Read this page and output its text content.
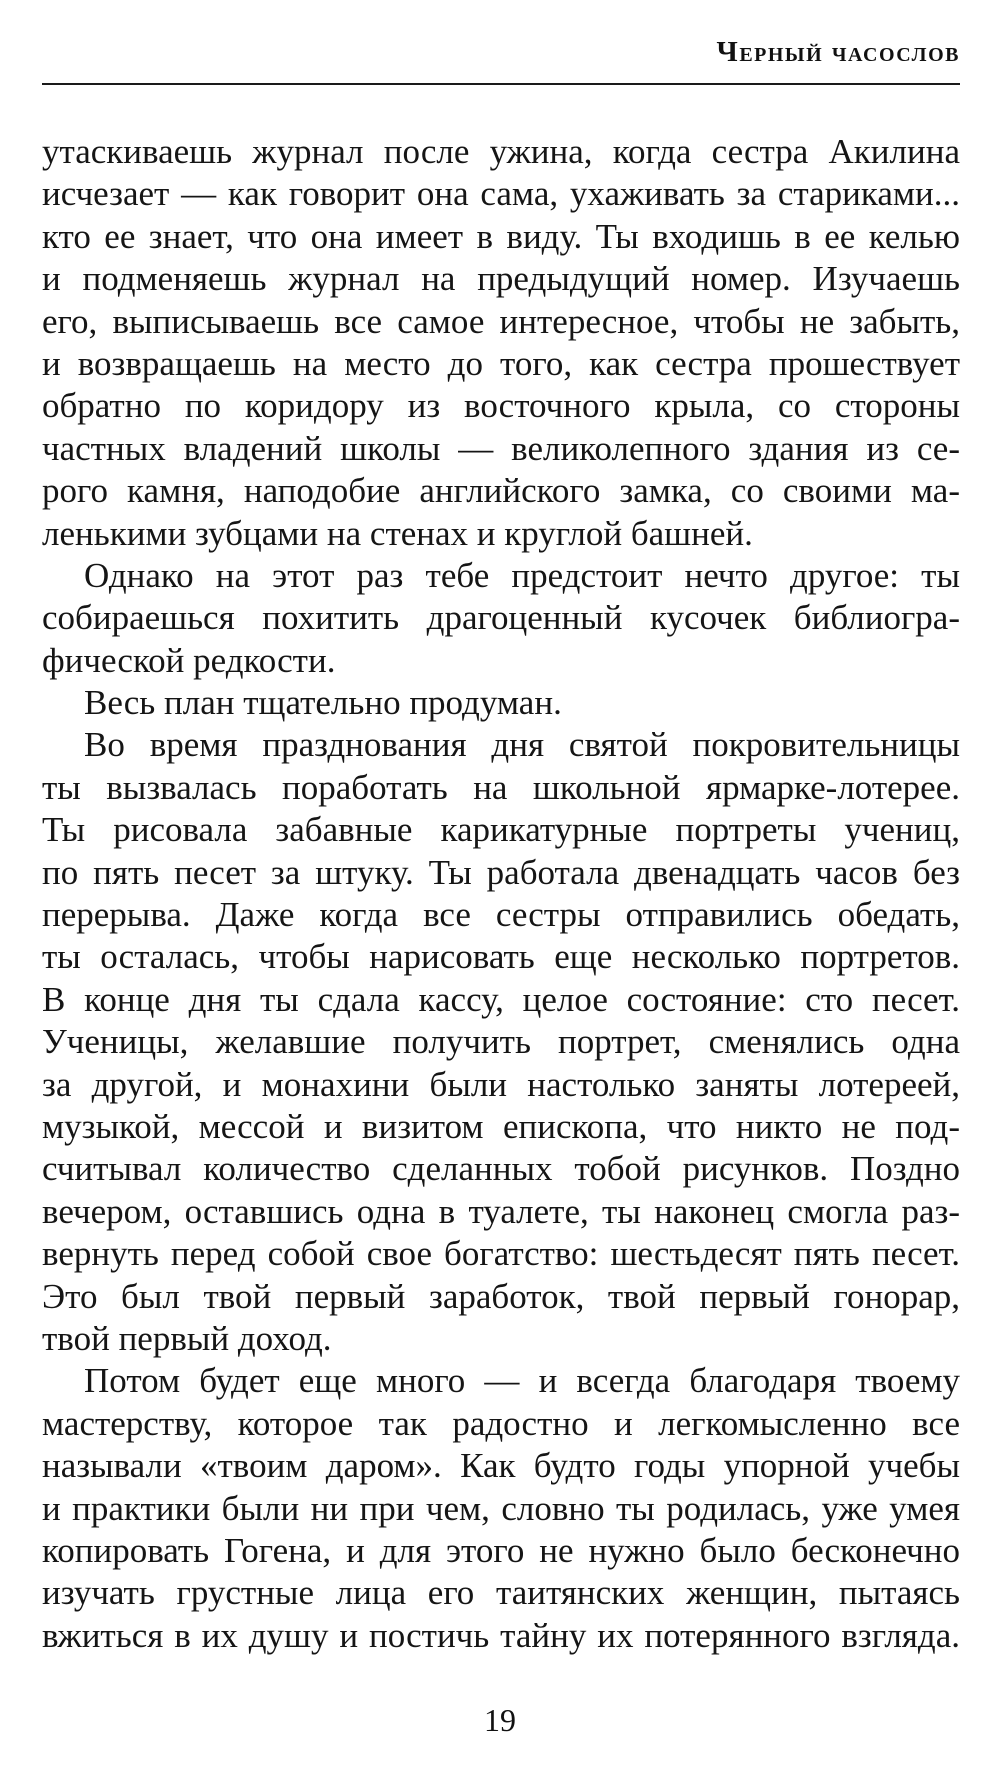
Черный часослов
утаскиваешь журнал после ужина, когда сестра Акилина
исчезает — как говорит она сама, ухаживать за стариками...
кто ее знает, что она имеет в виду. Ты входишь в ее келью
и подменяешь журнал на предыдущий номер. Изучаешь
его, выписываешь все самое интересное, чтобы не забыть,
и возвращаешь на место до того, как сестра прошествует
обратно по коридору из восточного крыла, со стороны
частных владений школы — великолепного здания из се-
рого камня, наподобие английского замка, со своими ма-
ленькими зубцами на стенах и круглой башней.
Однако на этот раз тебе предстоит нечто другое: ты
собираешься похитить драгоценный кусочек библиогра-
фической редкости.
Весь план тщательно продуман.
Во время празднования дня святой покровительницы
ты вызвалась поработать на школьной ярмарке-лотерее.
Ты рисовала забавные карикатурные портреты учениц,
по пять песет за штуку. Ты работала двенадцать часов без
перерыва. Даже когда все сестры отправились обедать,
ты осталась, чтобы нарисовать еще несколько портретов.
В конце дня ты сдала кассу, целое состояние: сто песет.
Ученицы, желавшие получить портрет, сменялись одна
за другой, и монахини были настолько заняты лотереей,
музыкой, мессой и визитом епископа, что никто не под-
считывал количество сделанных тобой рисунков. Поздно
вечером, оставшись одна в туалете, ты наконец смогла раз-
вернуть перед собой свое богатство: шестьдесят пять песет.
Это был твой первый заработок, твой первый гонорар,
твой первый доход.
Потом будет еще много — и всегда благодаря твоему
мастерству, которое так радостно и легкомысленно все
называли «твоим даром». Как будто годы упорной учебы
и практики были ни при чем, словно ты родилась, уже умея
копировать Гогена, и для этого не нужно было бесконечно
изучать грустные лица его таитянских женщин, пытаясь
вжиться в их душу и постичь тайну их потерянного взгляда.
19
